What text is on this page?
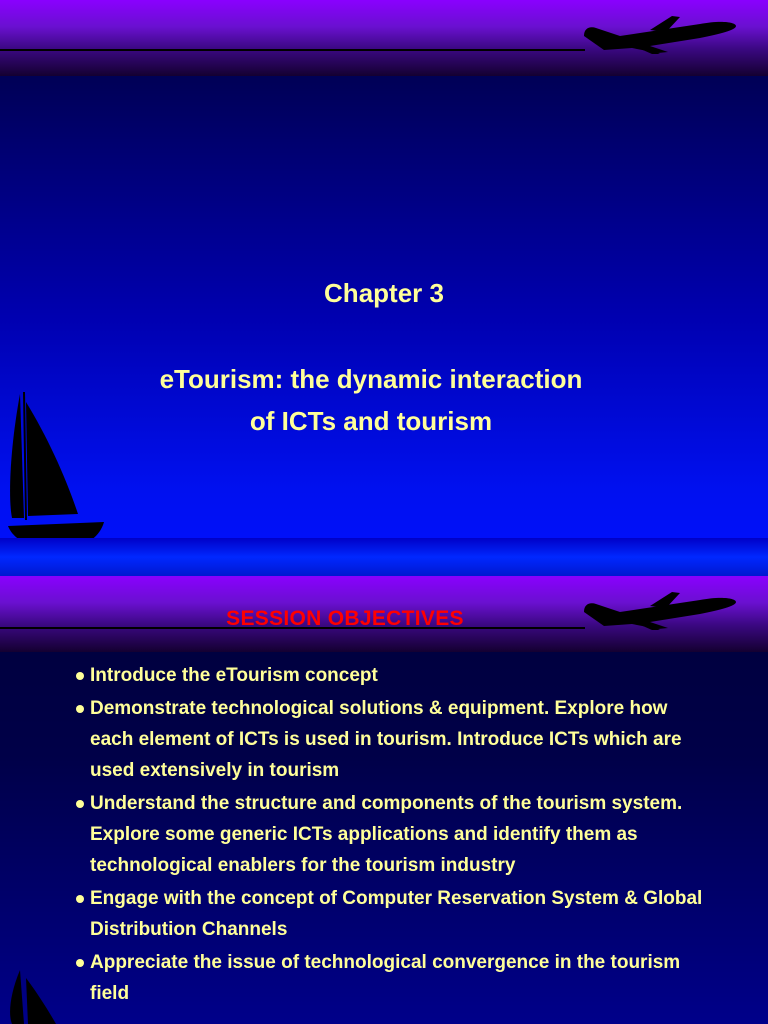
Chapter 3
eTourism: the dynamic interaction
of ICTs and tourism
SESSION OBJECTIVES
Introduce the eTourism concept
Demonstrate technological solutions & equipment. Explore how each element of ICTs is used in tourism. Introduce ICTs which are used extensively in tourism
Understand the structure and components of the tourism system. Explore some generic ICTs applications and identify them as technological enablers for the tourism industry
Engage with the concept of Computer Reservation System & Global Distribution Channels
Appreciate the issue of technological convergence in the tourism field
